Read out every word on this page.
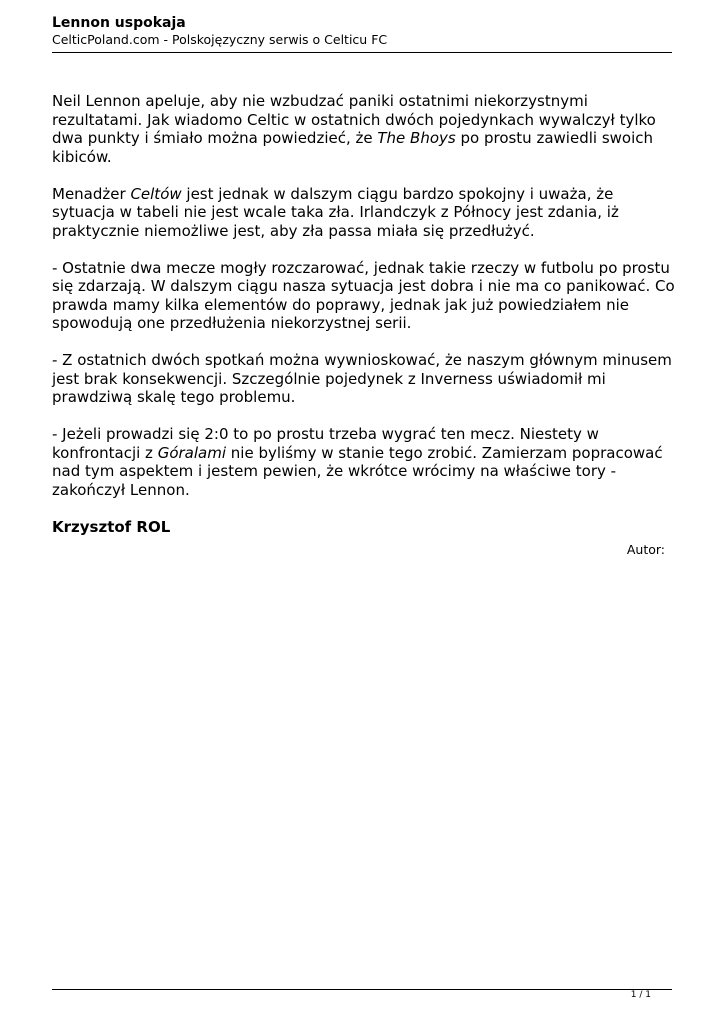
Lennon uspokaja
CelticPoland.com - Polskojęzyczny serwis o Celticu FC

Neil Lennon apeluje, aby nie wzbudzać paniki ostatnimi niekorzystnymi rezultatami. Jak wiadomo Celtic w ostatnich dwóch pojedynkach wywalczył tylko dwa punkty i śmiało można powiedzieć, że The Bhoys po prostu zawiedli swoich kibiców.

Menadżer Celtów jest jednak w dalszym ciągu bardzo spokojny i uważa, że sytuacja w tabeli nie jest wcale taka zła. Irlandczyk z Północy jest zdania, iż praktycznie niemożliwe jest, aby zła passa miała się przedłużyć.

- Ostatnie dwa mecze mogły rozczarować, jednak takie rzeczy w futbolu po prostu się zdarzają. W dalszym ciągu nasza sytuacja jest dobra i nie ma co panikować. Co prawda mamy kilka elementów do poprawy, jednak jak już powiedziałem nie spowodują one przedłużenia niekorzystnej serii.

- Z ostatnich dwóch spotkań można wywnioskować, że naszym głównym minusem jest brak konsekwencji. Szczególnie pojedynek z Inverness uświadomił mi prawdziwą skalę tego problemu.

- Jeżeli prowadzi się 2:0 to po prostu trzeba wygrać ten mecz. Niestety w konfrontacji z Góralami nie byliśmy w stanie tego zrobić. Zamierzam popracować nad tym aspektem i jestem pewien, że wkrótce wrócimy na właściwe tory - zakończył Lennon.

Krzysztof ROL

Autor:
1 / 1
